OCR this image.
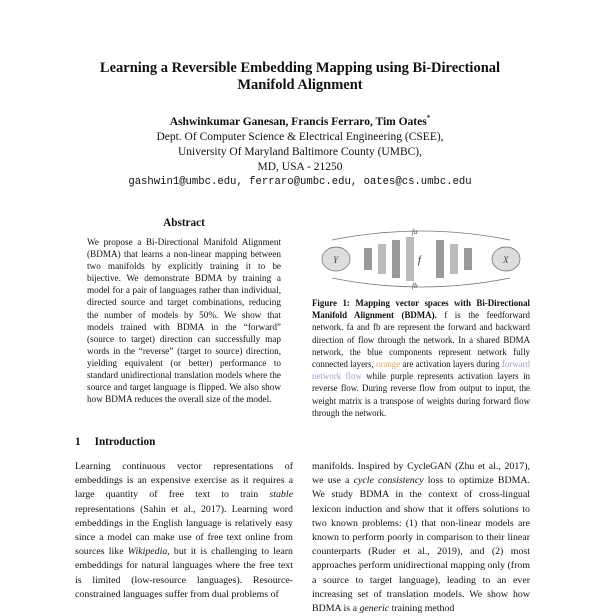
Learning a Reversible Embedding Mapping using Bi-Directional
Manifold Alignment
Ashwinkumar Ganesan, Francis Ferraro, Tim Oates*
Dept. Of Computer Science & Electrical Engineering (CSEE),
University Of Maryland Baltimore County (UMBC),
MD, USA - 21250
gashwin1@umbc.edu, ferraro@umbc.edu, oates@cs.umbc.edu
Abstract
We propose a Bi-Directional Manifold Alignment (BDMA) that learns a non-linear mapping between two manifolds by explicitly training it to be bijective. We demonstrate BDMA by training a model for a pair of languages rather than individual, directed source and target combinations, reducing the number of models by 50%. We show that models trained with BDMA in the “forward” (source to target) direction can successfully map words in the “reverse” (target to source) direction, yielding equivalent (or better) performance to standard unidirectional translation models where the source and target language is flipped. We also show how BDMA reduces the overall size of the model.
Y	X
f
fa
fb
Figure 1: Mapping vector spaces with Bi-Directional Manifold Alignment (BDMA). f is the feedforward network. fa and fb are represent the forward and backward direction of flow through the network. In a shared BDMA network, the blue components represent network fully connected layers, orange are activation layers during forward network flow while purple represents activation layers in reverse flow. During reverse flow from output to input, the weight matrix is a transpose of weights during forward flow through the network.
1 Introduction
Learning continuous vector representations of embeddings is an expensive exercise as it requires a large quantity of free text to train stable representations (Sahin et al., 2017). Learning word embeddings in the English language is relatively easy since a model can make use of free text online from sources like Wikipedia, but it is challenging to learn embeddings for natural languages where the free text is limited (low-resource languages). Resource-constrained languages suffer from dual problems of
manifolds. Inspired by CycleGAN (Zhu et al., 2017), we use a cycle consistency loss to optimize BDMA. We study BDMA in the context of cross-lingual lexicon induction and show that it offers solutions to two known problems: (1) that non-linear models are known to perform poorly in comparison to their linear counterparts (Ruder et al., 2019), and (2) most approaches perform unidirectional mapping only (from a source to target language), leading to an ever increasing set of translation models. We show how BDMA is a generic training method
